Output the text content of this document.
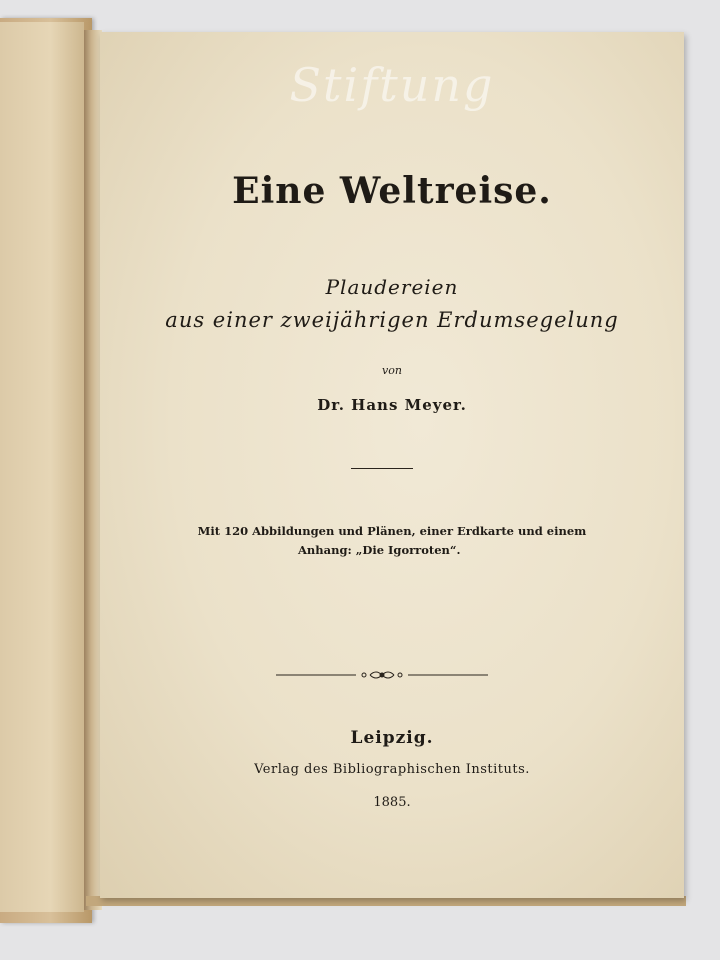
Stiftung
Eine Weltreise.
Plaudereien
aus einer zweijährigen Erdumsegelung
von
Dr. Hans Meyer.
Mit 120 Abbildungen und Plänen, einer Erdkarte und einem
Anhang: „Die Igorroten“.
Leipzig.
Verlag des Bibliographischen Instituts.
1885.
